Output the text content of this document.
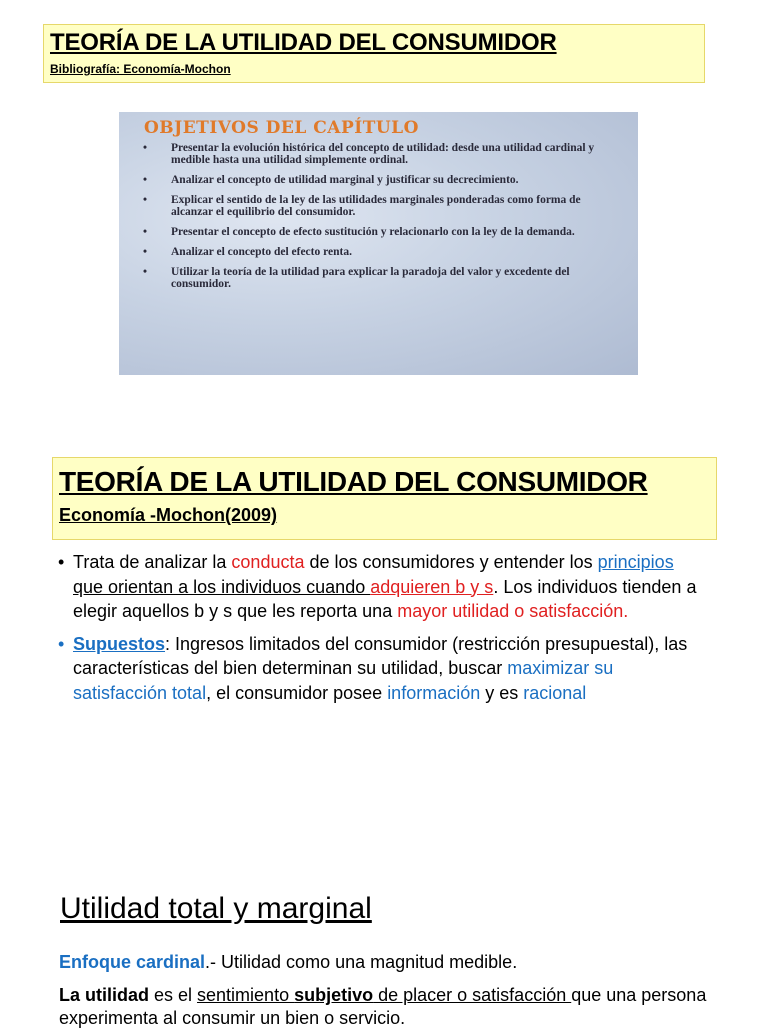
TEORÍA DE LA UTILIDAD DEL CONSUMIDOR
Bibliografía: Economía-Mochon
OBJETIVOS DEL CAPÍTULO
• Presentar la evolución histórica del concepto de utilidad: desde una utilidad cardinal y medible hasta una utilidad simplemente ordinal.
• Analizar el concepto de utilidad marginal y justificar su decrecimiento.
• Explicar el sentido de la ley de las utilidades marginales ponderadas como forma de alcanzar el equilibrio del consumidor.
• Presentar el concepto de efecto sustitución y relacionarlo con la ley de la demanda.
• Analizar el concepto del efecto renta.
• Utilizar la teoría de la utilidad para explicar la paradoja del valor y excedente del consumidor.
TEORÍA DE LA UTILIDAD DEL CONSUMIDOR
Economía -Mochon(2009)
• Trata de analizar la conducta de los consumidores y entender los principios que orientan a los individuos cuando adquieren b y s. Los individuos tienden a elegir aquellos b y s que les reporta una mayor utilidad o satisfacción.
• Supuestos: Ingresos limitados del consumidor (restricción presupuestal), las características del bien determinan su utilidad, buscar maximizar su satisfacción total, el consumidor posee información y es racional
Utilidad total y marginal
Enfoque cardinal.- Utilidad como una magnitud medible.
La utilidad es el sentimiento subjetivo de placer o satisfacción que una persona experimenta al consumir un bien o servicio.
